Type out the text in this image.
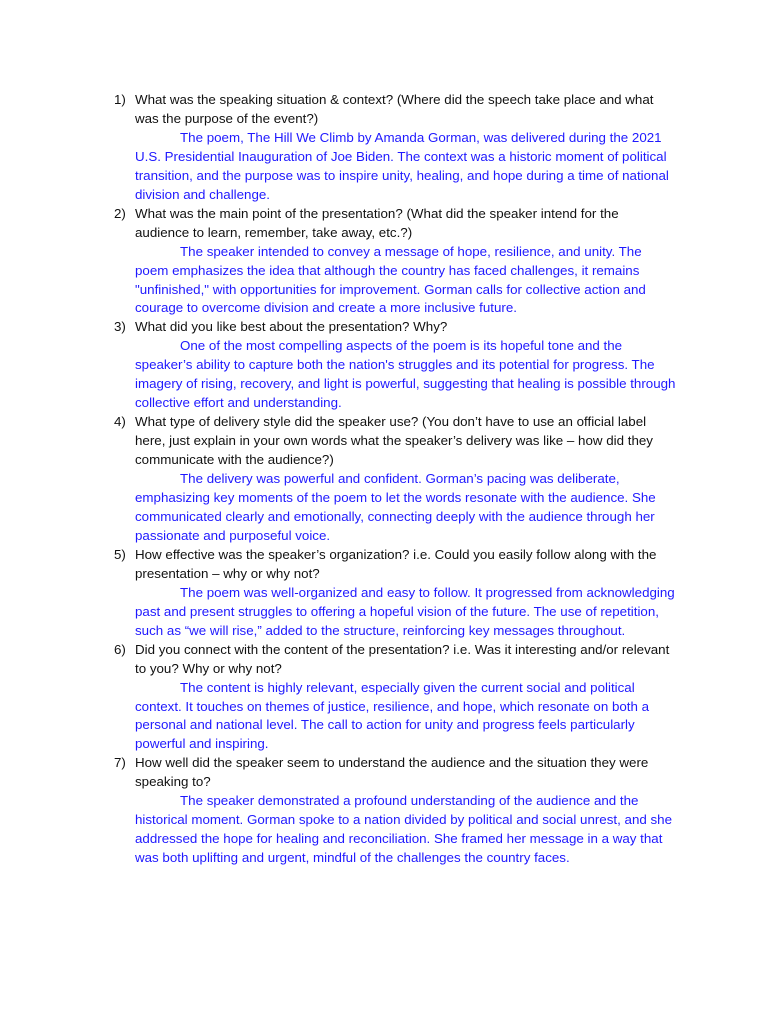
1) What was the speaking situation & context? (Where did the speech take place and what was the purpose of the event?)
The poem, The Hill We Climb by Amanda Gorman, was delivered during the 2021 U.S. Presidential Inauguration of Joe Biden. The context was a historic moment of political transition, and the purpose was to inspire unity, healing, and hope during a time of national division and challenge.
2) What was the main point of the presentation? (What did the speaker intend for the audience to learn, remember, take away, etc.?)
The speaker intended to convey a message of hope, resilience, and unity. The poem emphasizes the idea that although the country has faced challenges, it remains "unfinished," with opportunities for improvement. Gorman calls for collective action and courage to overcome division and create a more inclusive future.
3) What did you like best about the presentation? Why?
One of the most compelling aspects of the poem is its hopeful tone and the speaker’s ability to capture both the nation's struggles and its potential for progress. The imagery of rising, recovery, and light is powerful, suggesting that healing is possible through collective effort and understanding.
4) What type of delivery style did the speaker use? (You don’t have to use an official label here, just explain in your own words what the speaker’s delivery was like – how did they communicate with the audience?)
The delivery was powerful and confident. Gorman’s pacing was deliberate, emphasizing key moments of the poem to let the words resonate with the audience. She communicated clearly and emotionally, connecting deeply with the audience through her passionate and purposeful voice.
5) How effective was the speaker’s organization? i.e. Could you easily follow along with the presentation – why or why not?
The poem was well-organized and easy to follow. It progressed from acknowledging past and present struggles to offering a hopeful vision of the future. The use of repetition, such as “we will rise,” added to the structure, reinforcing key messages throughout.
6) Did you connect with the content of the presentation? i.e. Was it interesting and/or relevant to you? Why or why not?
The content is highly relevant, especially given the current social and political context. It touches on themes of justice, resilience, and hope, which resonate on both a personal and national level. The call to action for unity and progress feels particularly powerful and inspiring.
7) How well did the speaker seem to understand the audience and the situation they were speaking to?
The speaker demonstrated a profound understanding of the audience and the historical moment. Gorman spoke to a nation divided by political and social unrest, and she addressed the hope for healing and reconciliation. She framed her message in a way that was both uplifting and urgent, mindful of the challenges the country faces.
